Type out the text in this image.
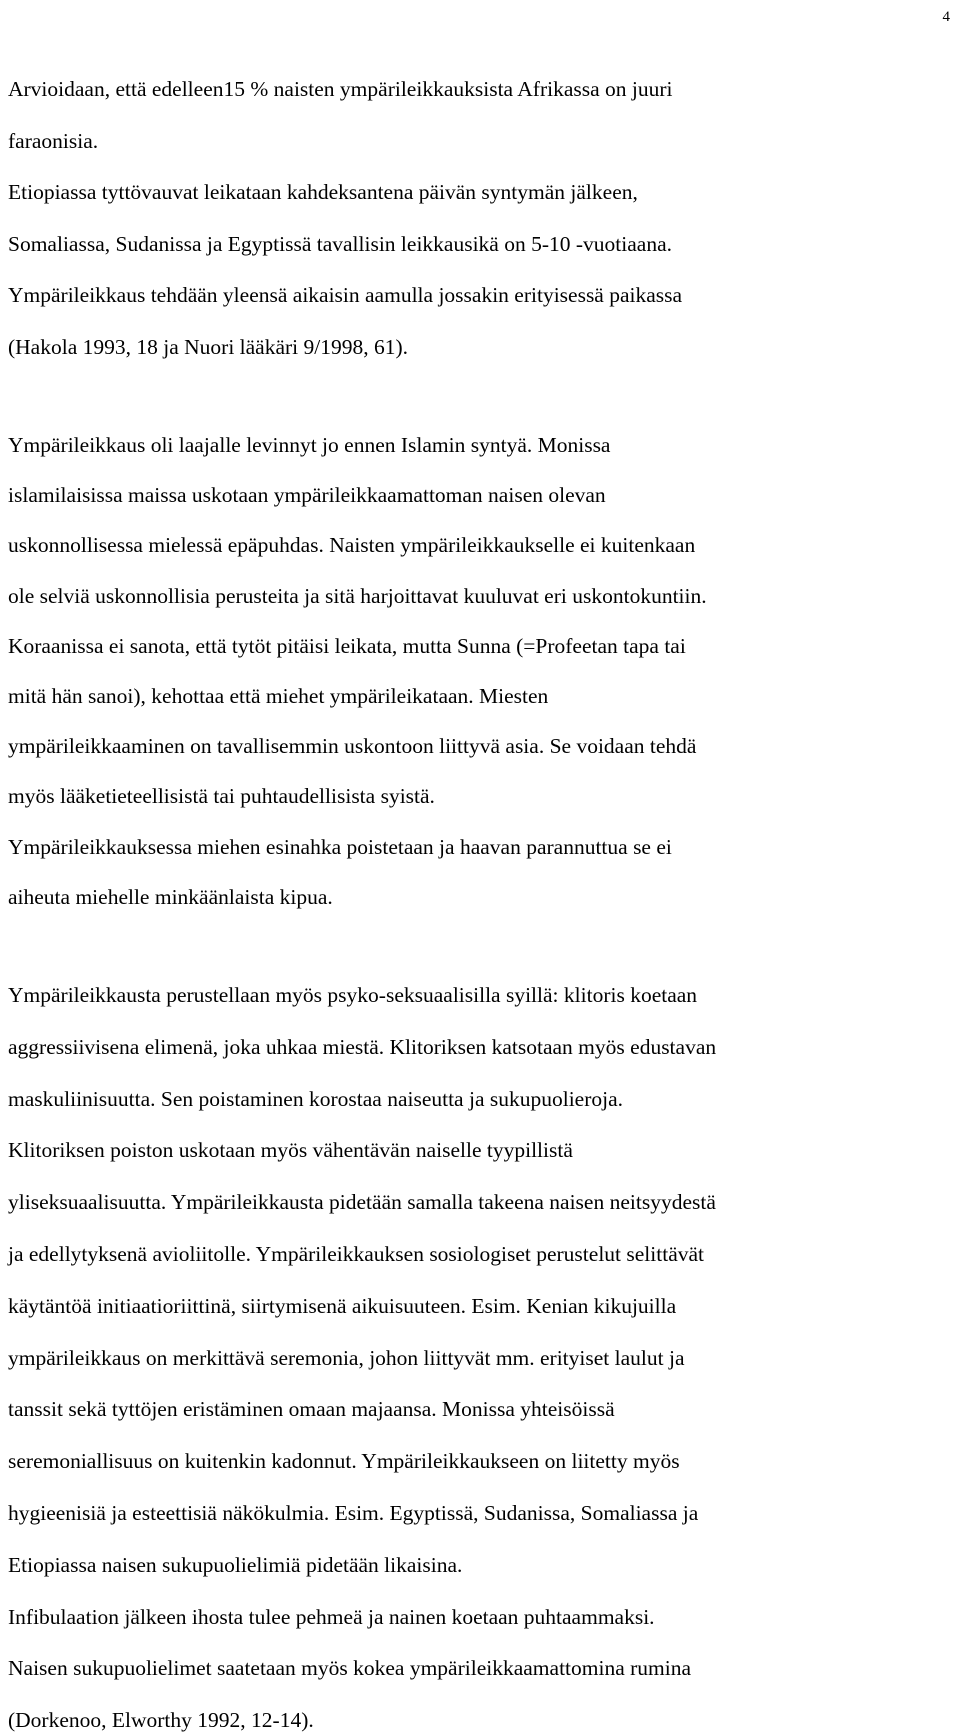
4

Arvioidaan, että edelleen15 % naisten ympärileikkauksista Afrikassa on juuri
faraonisia.
Etiopiassa tyttövauvat leikataan kahdeksantena päivän syntymän jälkeen,
Somaliassa, Sudanissa ja Egyptissä tavallisin leikkausikä on 5-10 -vuotiaana.
Ympärileikkaus tehdään yleensä aikaisin aamulla jossakin erityisessä paikassa
(Hakola 1993, 18 ja Nuori lääkäri 9/1998, 61).

Ympärileikkaus oli laajalle levinnyt jo ennen Islamin syntyä. Monissa
islamilaisissa maissa uskotaan ympärileikkaamattoman naisen olevan
uskonnollisessa mielessä epäpuhdas. Naisten ympärileikkaukselle ei kuitenkaan
ole selviä uskonnollisia perusteita ja sitä harjoittavat kuuluvat eri uskontokuntiin.
Koraanissa ei sanota, että tytöt pitäisi leikata, mutta Sunna (=Profeetan tapa tai
mitä hän sanoi), kehottaa että miehet ympärileikataan. Miesten
ympärileikkaaminen on tavallisemmin uskontoon liittyvä asia. Se voidaan tehdä
myös lääketieteellisistä tai puhtaudellisista syistä.
Ympärileikkauksessa miehen esinahka poistetaan ja haavan parannuttua se ei
aiheuta miehelle minkäänlaista kipua.

Ympärileikkausta perustellaan myös psyko-seksuaalisilla syillä: klitoris koetaan
aggressiivisena elimenä, joka uhkaa miestä. Klitoriksen katsotaan myös edustavan
maskuliinisuutta. Sen poistaminen korostaa naiseutta ja sukupuolieroja.
Klitoriksen poiston uskotaan myös vähentävän naiselle tyypillistä
yliseksuaalisuutta. Ympärileikkausta pidetään samalla takeena naisen neitsyydestä
ja edellytyksenä avioliitolle. Ympärileikkauksen sosiologiset perustelut selittävät
käytäntöä initiaatioriittinä, siirtymisenä aikuisuuteen. Esim. Kenian kikujuilla
ympärileikkaus on merkittävä seremonia, johon liittyvät mm. erityiset laulut ja
tanssit sekä tyttöjen eristäminen omaan majaansa. Monissa yhteisöissä
seremoniallisuus on kuitenkin kadonnut. Ympärileikkaukseen on liitetty myös
hygieenisiä ja esteettisiä näkökulmia. Esim. Egyptissä, Sudanissa, Somaliassa ja
Etiopiassa naisen sukupuolielimiä pidetään likaisina.
Infibulaation jälkeen ihosta tulee pehmeä ja nainen koetaan puhtaammaksi.
Naisen sukupuolielimet saatetaan myös kokea ympärileikkaamattomina rumina
(Dorkenoo, Elworthy 1992, 12-14).
